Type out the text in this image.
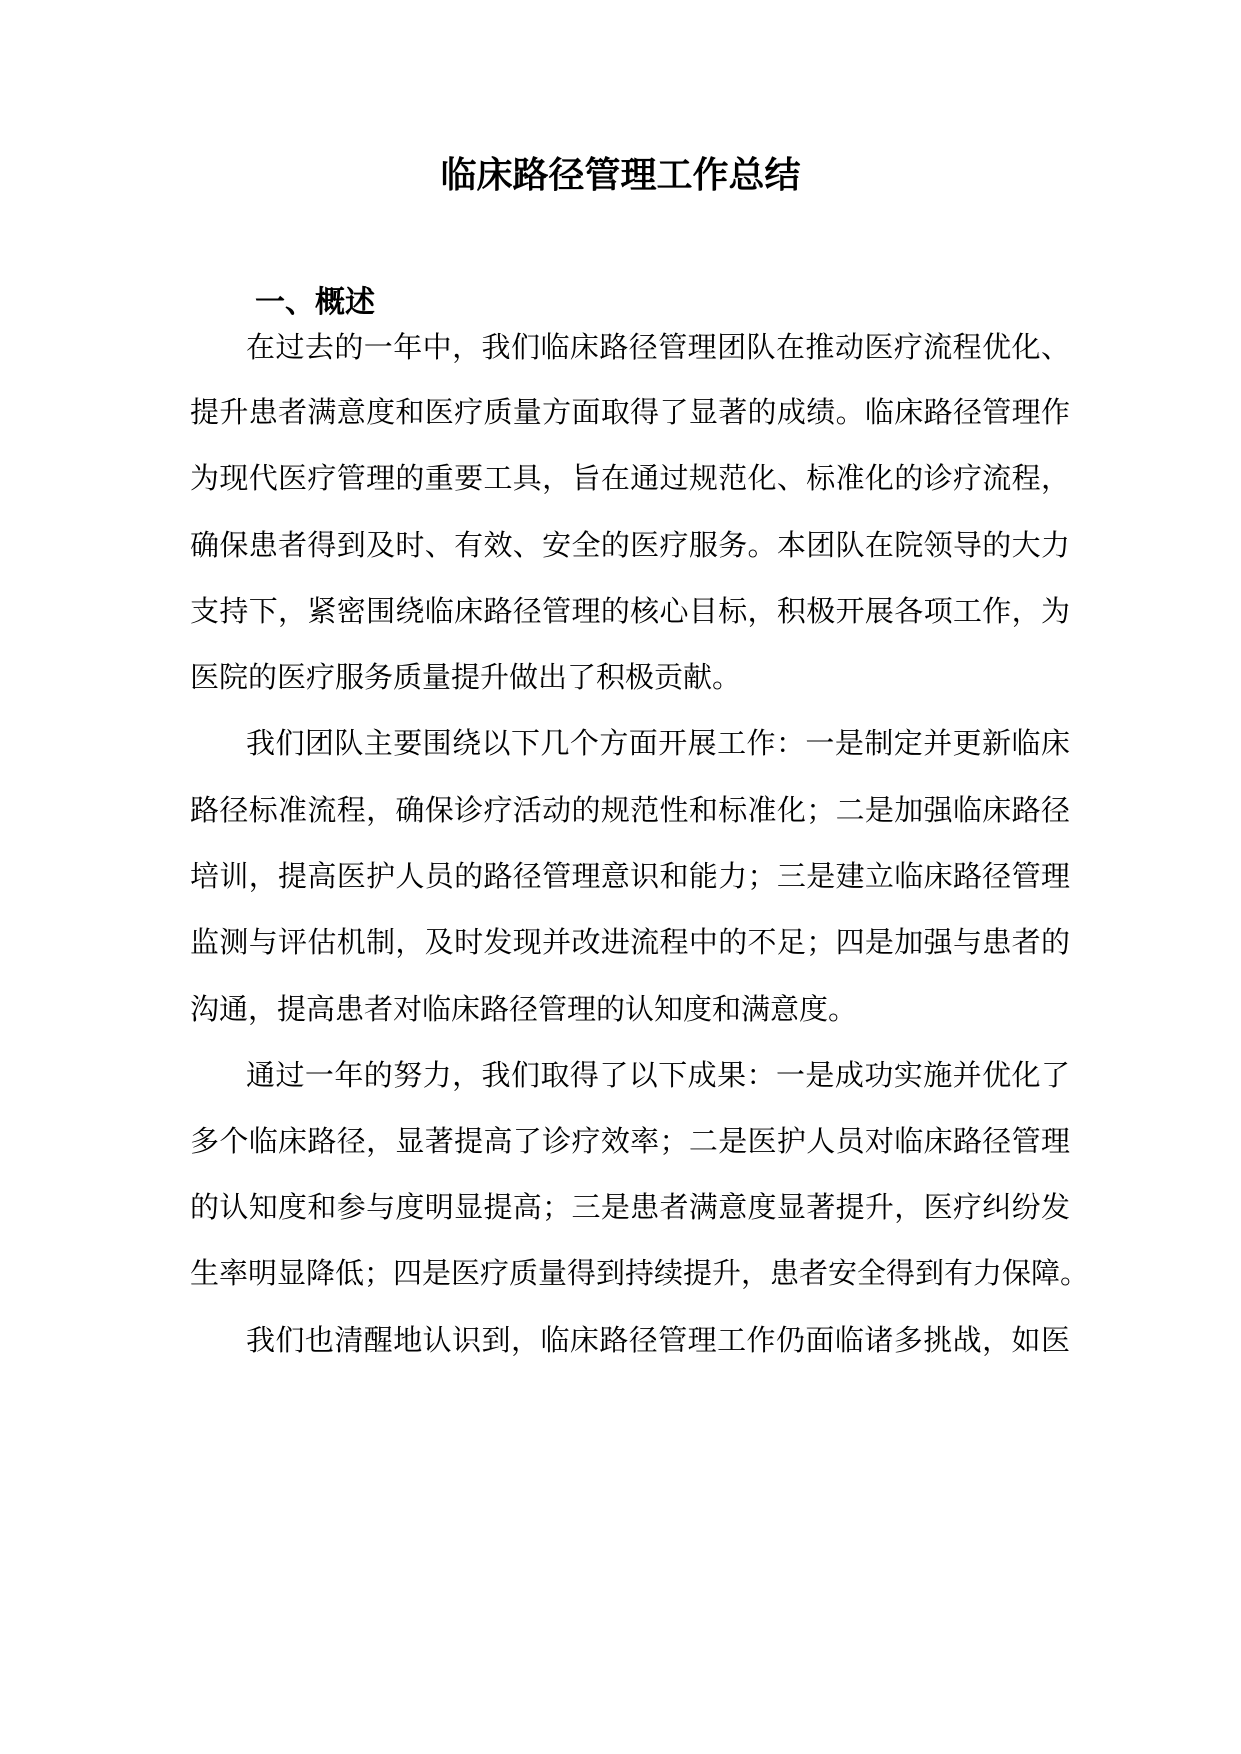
临床路径管理工作总结
一、概述
在过去的一年中，我们临床路径管理团队在推动医疗流程优化、
提升患者满意度和医疗质量方面取得了显著的成绩。临床路径管理作
为现代医疗管理的重要工具，旨在通过规范化、标准化的诊疗流程，
确保患者得到及时、有效、安全的医疗服务。本团队在院领导的大力
支持下，紧密围绕临床路径管理的核心目标，积极开展各项工作，为
医院的医疗服务质量提升做出了积极贡献。
我们团队主要围绕以下几个方面开展工作：一是制定并更新临床
路径标准流程，确保诊疗活动的规范性和标准化；二是加强临床路径
培训，提高医护人员的路径管理意识和能力；三是建立临床路径管理
监测与评估机制，及时发现并改进流程中的不足；四是加强与患者的
沟通，提高患者对临床路径管理的认知度和满意度。
通过一年的努力，我们取得了以下成果：一是成功实施并优化了
多个临床路径，显著提高了诊疗效率；二是医护人员对临床路径管理
的认知度和参与度明显提高；三是患者满意度显著提升，医疗纠纷发
生率明显降低；四是医疗质量得到持续提升，患者安全得到有力保障。
我们也清醒地认识到，临床路径管理工作仍面临诸多挑战，如医
